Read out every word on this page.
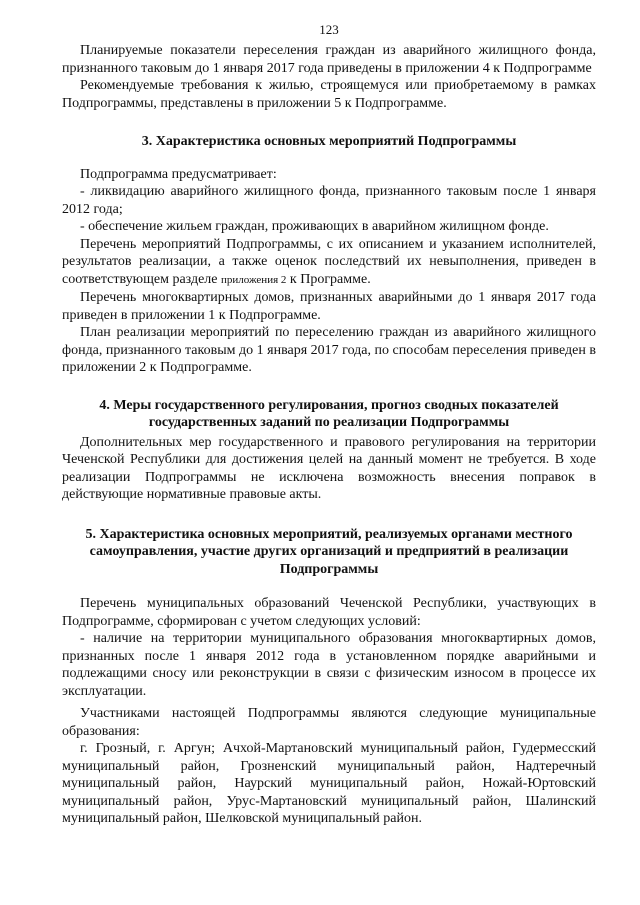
123

Планируемые показатели переселения граждан из аварийного жилищного фонда, признанного таковым до 1 января 2017 года приведены в приложении 4 к Подпрограмме

Рекомендуемые требования к жилью, строящемуся или приобретаемому в рамках Подпрограммы, представлены в приложении 5 к Подпрограмме.

3. Характеристика основных мероприятий Подпрограммы

Подпрограмма предусматривает:

- ликвидацию аварийного жилищного фонда, признанного таковым после 1 января 2012 года;

- обеспечение жильем граждан, проживающих в аварийном жилищном фонде.

Перечень мероприятий Подпрограммы, с их описанием и указанием исполнителей, результатов реализации, а также оценок последствий их невыполнения, приведен в соответствующем разделе приложения 2 к Программе.

Перечень многоквартирных домов, признанных аварийными до 1 января 2017 года приведен в приложении 1 к Подпрограмме.

План реализации мероприятий по переселению граждан из аварийного жилищного фонда, признанного таковым до 1 января 2017 года, по способам переселения приведен в приложении 2 к Подпрограмме.

4. Меры государственного регулирования, прогноз сводных показателей государственных заданий по реализации Подпрограммы

Дополнительных мер государственного и правового регулирования на территории Чеченской Республики для достижения целей на данный момент не требуется. В ходе реализации Подпрограммы не исключена возможность внесения поправок в действующие нормативные правовые акты.

5. Характеристика основных мероприятий, реализуемых органами местного самоуправления, участие других организаций и предприятий в реализации Подпрограммы

Перечень муниципальных образований Чеченской Республики, участвующих в Подпрограмме, сформирован с учетом следующих условий:

- наличие на территории муниципального образования многоквартирных домов, признанных после 1 января 2012 года в установленном порядке аварийными и подлежащими сносу или реконструкции в связи с физическим износом в процессе их эксплуатации.

Участниками настоящей Подпрограммы являются следующие муниципальные образования:

г. Грозный, г. Аргун; Ачхой-Мартановский муниципальный район, Гудермесский муниципальный район, Грозненский муниципальный район, Надтеречный муниципальный район, Наурский муниципальный район, Ножай-Юртовский муниципальный район, Урус-Мартановский муниципальный район, Шалинский муниципальный район, Шелковской муниципальный район.
